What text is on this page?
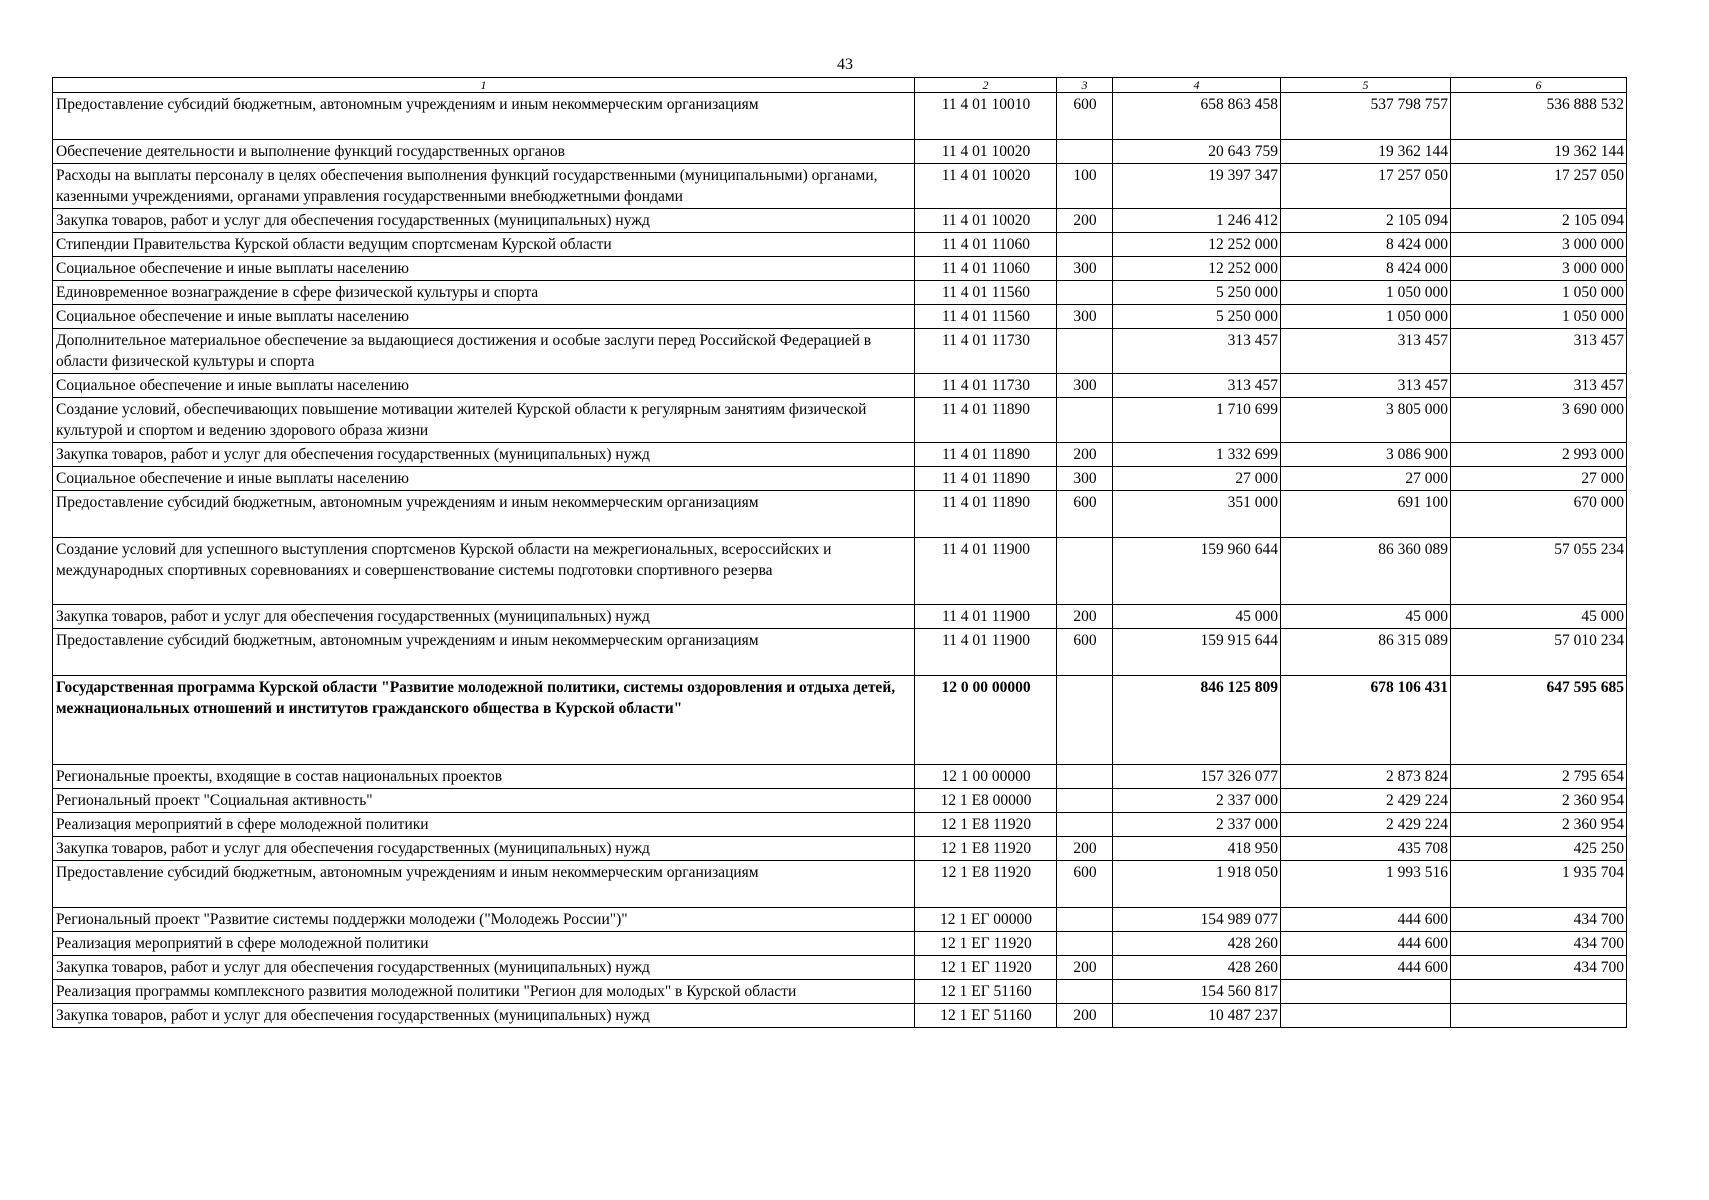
43
1	2	3	4	5	6
Предоставление субсидий бюджетным, автономным учреждениям и иным некоммерческим организациям	11 4 01 10010	600	658 863 458	537 798 757	536 888 532
Обеспечение деятельности и выполнение функций государственных органов	11 4 01 10020		20 643 759	19 362 144	19 362 144
Расходы на выплаты персоналу в целях обеспечения выполнения функций государственными (муниципальными) органами, казенными учреждениями, органами управления государственными внебюджетными фондами	11 4 01 10020	100	19 397 347	17 257 050	17 257 050
Закупка товаров, работ и услуг для обеспечения государственных (муниципальных) нужд	11 4 01 10020	200	1 246 412	2 105 094	2 105 094
Стипендии Правительства Курской области ведущим спортсменам Курской области	11 4 01 11060		12 252 000	8 424 000	3 000 000
Социальное обеспечение и иные выплаты населению	11 4 01 11060	300	12 252 000	8 424 000	3 000 000
Единовременное вознаграждение в сфере физической культуры и спорта	11 4 01 11560		5 250 000	1 050 000	1 050 000
Социальное обеспечение и иные выплаты населению	11 4 01 11560	300	5 250 000	1 050 000	1 050 000
Дополнительное материальное обеспечение за выдающиеся достижения и особые заслуги перед Российской Федерацией в области физической культуры и спорта	11 4 01 11730		313 457	313 457	313 457
Социальное обеспечение и иные выплаты населению	11 4 01 11730	300	313 457	313 457	313 457
Создание условий, обеспечивающих повышение мотивации жителей Курской области к регулярным занятиям физической культурой и спортом и ведению здорового образа жизни	11 4 01 11890		1 710 699	3 805 000	3 690 000
Закупка товаров, работ и услуг для обеспечения государственных (муниципальных) нужд	11 4 01 11890	200	1 332 699	3 086 900	2 993 000
Социальное обеспечение и иные выплаты населению	11 4 01 11890	300	27 000	27 000	27 000
Предоставление субсидий бюджетным, автономным учреждениям и иным некоммерческим организациям	11 4 01 11890	600	351 000	691 100	670 000
Создание условий для успешного выступления спортсменов Курской области на межрегиональных, всероссийских и международных спортивных соревнованиях и совершенствование системы подготовки спортивного резерва	11 4 01 11900		159 960 644	86 360 089	57 055 234
Закупка товаров, работ и услуг для обеспечения государственных (муниципальных) нужд	11 4 01 11900	200	45 000	45 000	45 000
Предоставление субсидий бюджетным, автономным учреждениям и иным некоммерческим организациям	11 4 01 11900	600	159 915 644	86 315 089	57 010 234
Государственная программа Курской области "Развитие молодежной политики, системы оздоровления и отдыха детей, межнациональных отношений и институтов гражданского общества в Курской области"	12 0 00 00000		846 125 809	678 106 431	647 595 685
Региональные проекты, входящие в состав национальных проектов	12 1 00 00000		157 326 077	2 873 824	2 795 654
Региональный проект "Социальная активность"	12 1 E8 00000		2 337 000	2 429 224	2 360 954
Реализация мероприятий в сфере молодежной политики	12 1 E8 11920		2 337 000	2 429 224	2 360 954
Закупка товаров, работ и услуг для обеспечения государственных (муниципальных) нужд	12 1 E8 11920	200	418 950	435 708	425 250
Предоставление субсидий бюджетным, автономным учреждениям и иным некоммерческим организациям	12 1 E8 11920	600	1 918 050	1 993 516	1 935 704
Региональный проект "Развитие системы поддержки молодежи ("Молодежь России")"	12 1 EГ 00000		154 989 077	444 600	434 700
Реализация мероприятий в сфере молодежной политики	12 1 EГ 11920		428 260	444 600	434 700
Закупка товаров, работ и услуг для обеспечения государственных (муниципальных) нужд	12 1 EГ 11920	200	428 260	444 600	434 700
Реализация программы комплексного развития молодежной политики "Регион для молодых" в Курской области	12 1 EГ 51160		154 560 817		
Закупка товаров, работ и услуг для обеспечения государственных (муниципальных) нужд	12 1 EГ 51160	200	10 487 237		
